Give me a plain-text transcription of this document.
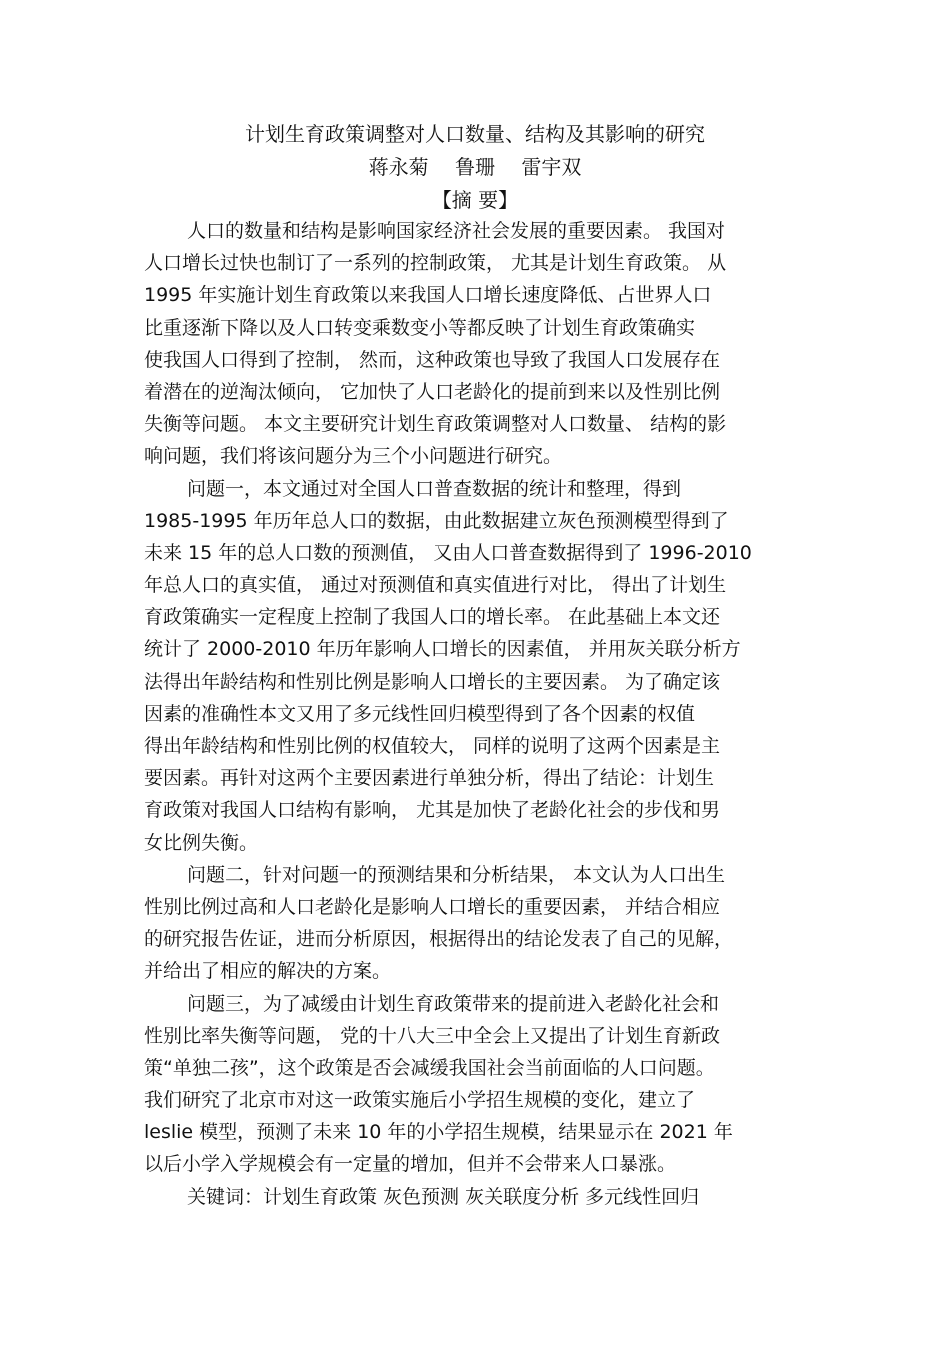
计划生育政策调整对人口数量、结构及其影响的研究
蒋永菊 鲁珊 雷宇双
【摘 要】
人口的数量和结构是影响国家经济社会发展的重要因素。 我国对
人口增长过快也制订了一系列的控制政策， 尤其是计划生育政策。 从
1995 年实施计划生育政策以来我国人口增长速度降低、占世界人口
比重逐渐下降以及人口转变乘数变小等都反映了计划生育政策确实
使我国人口得到了控制， 然而，这种政策也导致了我国人口发展存在
着潜在的逆淘汰倾向， 它加快了人口老龄化的提前到来以及性别比例
失衡等问题。 本文主要研究计划生育政策调整对人口数量、 结构的影
响问题，我们将该问题分为三个小问题进行研究。
问题一，本文通过对全国人口普查数据的统计和整理，得到
1985-1995 年历年总人口的数据，由此数据建立灰色预测模型得到了
未来 15 年的总人口数的预测值， 又由人口普查数据得到了 1996-2010
年总人口的真实值， 通过对预测值和真实值进行对比， 得出了计划生
育政策确实一定程度上控制了我国人口的增长率。 在此基础上本文还
统计了 2000-2010 年历年影响人口增长的因素值， 并用灰关联分析方
法得出年龄结构和性别比例是影响人口增长的主要因素。 为了确定该
因素的准确性本文又用了多元线性回归模型得到了各个因素的权值
得出年龄结构和性别比例的权值较大， 同样的说明了这两个因素是主
要因素。再针对这两个主要因素进行单独分析，得出了结论：计划生
育政策对我国人口结构有影响， 尤其是加快了老龄化社会的步伐和男
女比例失衡。
问题二，针对问题一的预测结果和分析结果， 本文认为人口出生
性别比例过高和人口老龄化是影响人口增长的重要因素， 并结合相应
的研究报告佐证，进而分析原因，根据得出的结论发表了自己的见解，
并给出了相应的解决的方案。
问题三，为了减缓由计划生育政策带来的提前进入老龄化社会和
性别比率失衡等问题， 党的十八大三中全会上又提出了计划生育新政
策“单独二孩”，这个政策是否会减缓我国社会当前面临的人口问题。
我们研究了北京市对这一政策实施后小学招生规模的变化，建立了
leslie 模型，预测了未来 10 年的小学招生规模，结果显示在 2021 年
以后小学入学规模会有一定量的增加，但并不会带来人口暴涨。
关键词：计划生育政策 灰色预测 灰关联度分析 多元线性回归
